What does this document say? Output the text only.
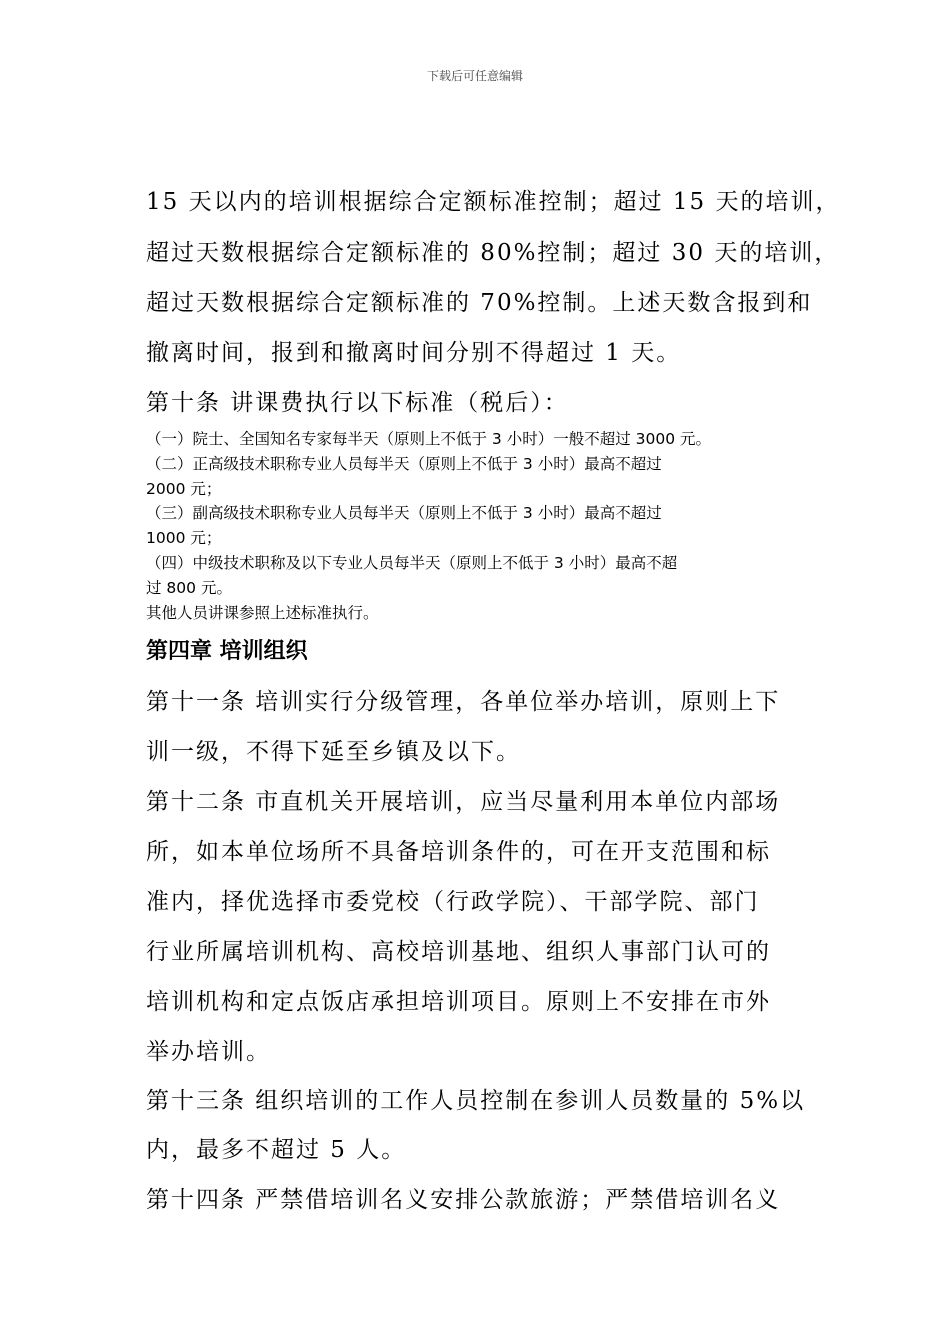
下载后可任意编辑
15 天以内的培训根据综合定额标准控制；超过 15 天的培训，
超过天数根据综合定额标准的 80%控制；超过 30 天的培训，
超过天数根据综合定额标准的 70%控制。上述天数含报到和
撤离时间，报到和撤离时间分别不得超过 1 天。
第十条 讲课费执行以下标准（税后）：
（一）院士、全国知名专家每半天（原则上不低于 3 小时）一般不超过 3000 元。
（二）正高级技术职称专业人员每半天（原则上不低于 3 小时）最高不超过
2000 元；
（三）副高级技术职称专业人员每半天（原则上不低于 3 小时）最高不超过
1000 元；
（四）中级技术职称及以下专业人员每半天（原则上不低于 3 小时）最高不超
过 800 元。
其他人员讲课参照上述标准执行。
第四章 培训组织
第十一条 培训实行分级管理，各单位举办培训，原则上下
训一级，不得下延至乡镇及以下。
第十二条 市直机关开展培训，应当尽量利用本单位内部场
所，如本单位场所不具备培训条件的，可在开支范围和标
准内，择优选择市委党校（行政学院）、干部学院、部门
行业所属培训机构、高校培训基地、组织人事部门认可的
培训机构和定点饭店承担培训项目。原则上不安排在市外
举办培训。
第十三条 组织培训的工作人员控制在参训人员数量的 5%以
内，最多不超过 5 人。
第十四条 严禁借培训名义安排公款旅游；严禁借培训名义
